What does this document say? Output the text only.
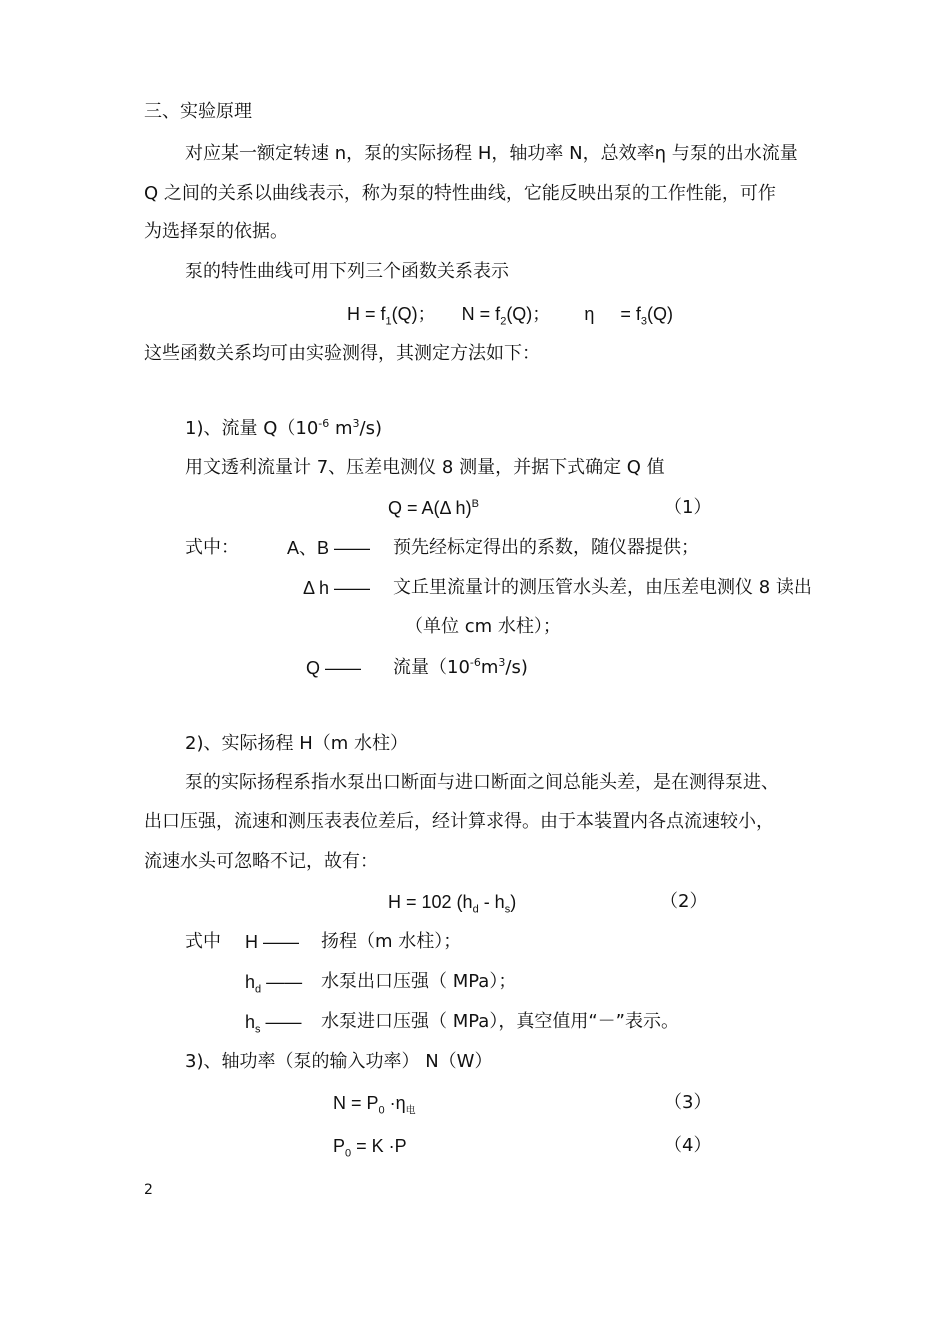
三、实验原理
对应某一额定转速 n，泵的实际扬程 H，轴功率 N，总效率η 与泵的出水流量
Q 之间的关系以曲线表示，称为泵的特性曲线，它能反映出泵的工作性能，可作
为选择泵的依据。
泵的特性曲线可用下列三个函数关系表示
$H = f_1(Q)$； $N = f_2(Q)$； $\eta = f_3(Q)$
这些函数关系均可由实验测得，其测定方法如下：
1)、流量 $Q(10^{-6}$ $m^3/s$)
用文透利流量计 7、压差电测仪 8 测量，并据下式确定 Q 值
Q = A(Δ h)$^B$	（1）
式中：	A、B —— 预先经标定得出的系数，随仪器提供；
Δ h —— 文丘里流量计的测压管水头差，由压差电测仪 8 读出
（单位 cm 水柱）；
Q —— 流量$(10^{-6}m^3/s)$
2)、实际扬程 H（m 水柱）
泵的实际扬程系指水泵出口断面与进口断面之间总能头差，是在测得泵进、
出口压强，流速和测压表表位差后，经计算求得。由于本装置内各点流速较小，
流速水头可忽略不记，故有：
H = 102 $(h_d - h_s)$	（2）
式中 H —— 扬程（m 水柱）；
$h_d$ —— 水泵出口压强（ MPa）；
$h_s$ —— 水泵进口压强（ MPa），真空值用“－”表示。
3)、轴功率（泵的输入功率） N（W）
$N = P_0 \cdot\eta_电$	（3）
$P_0 = K \cdot P$	（4）
2
